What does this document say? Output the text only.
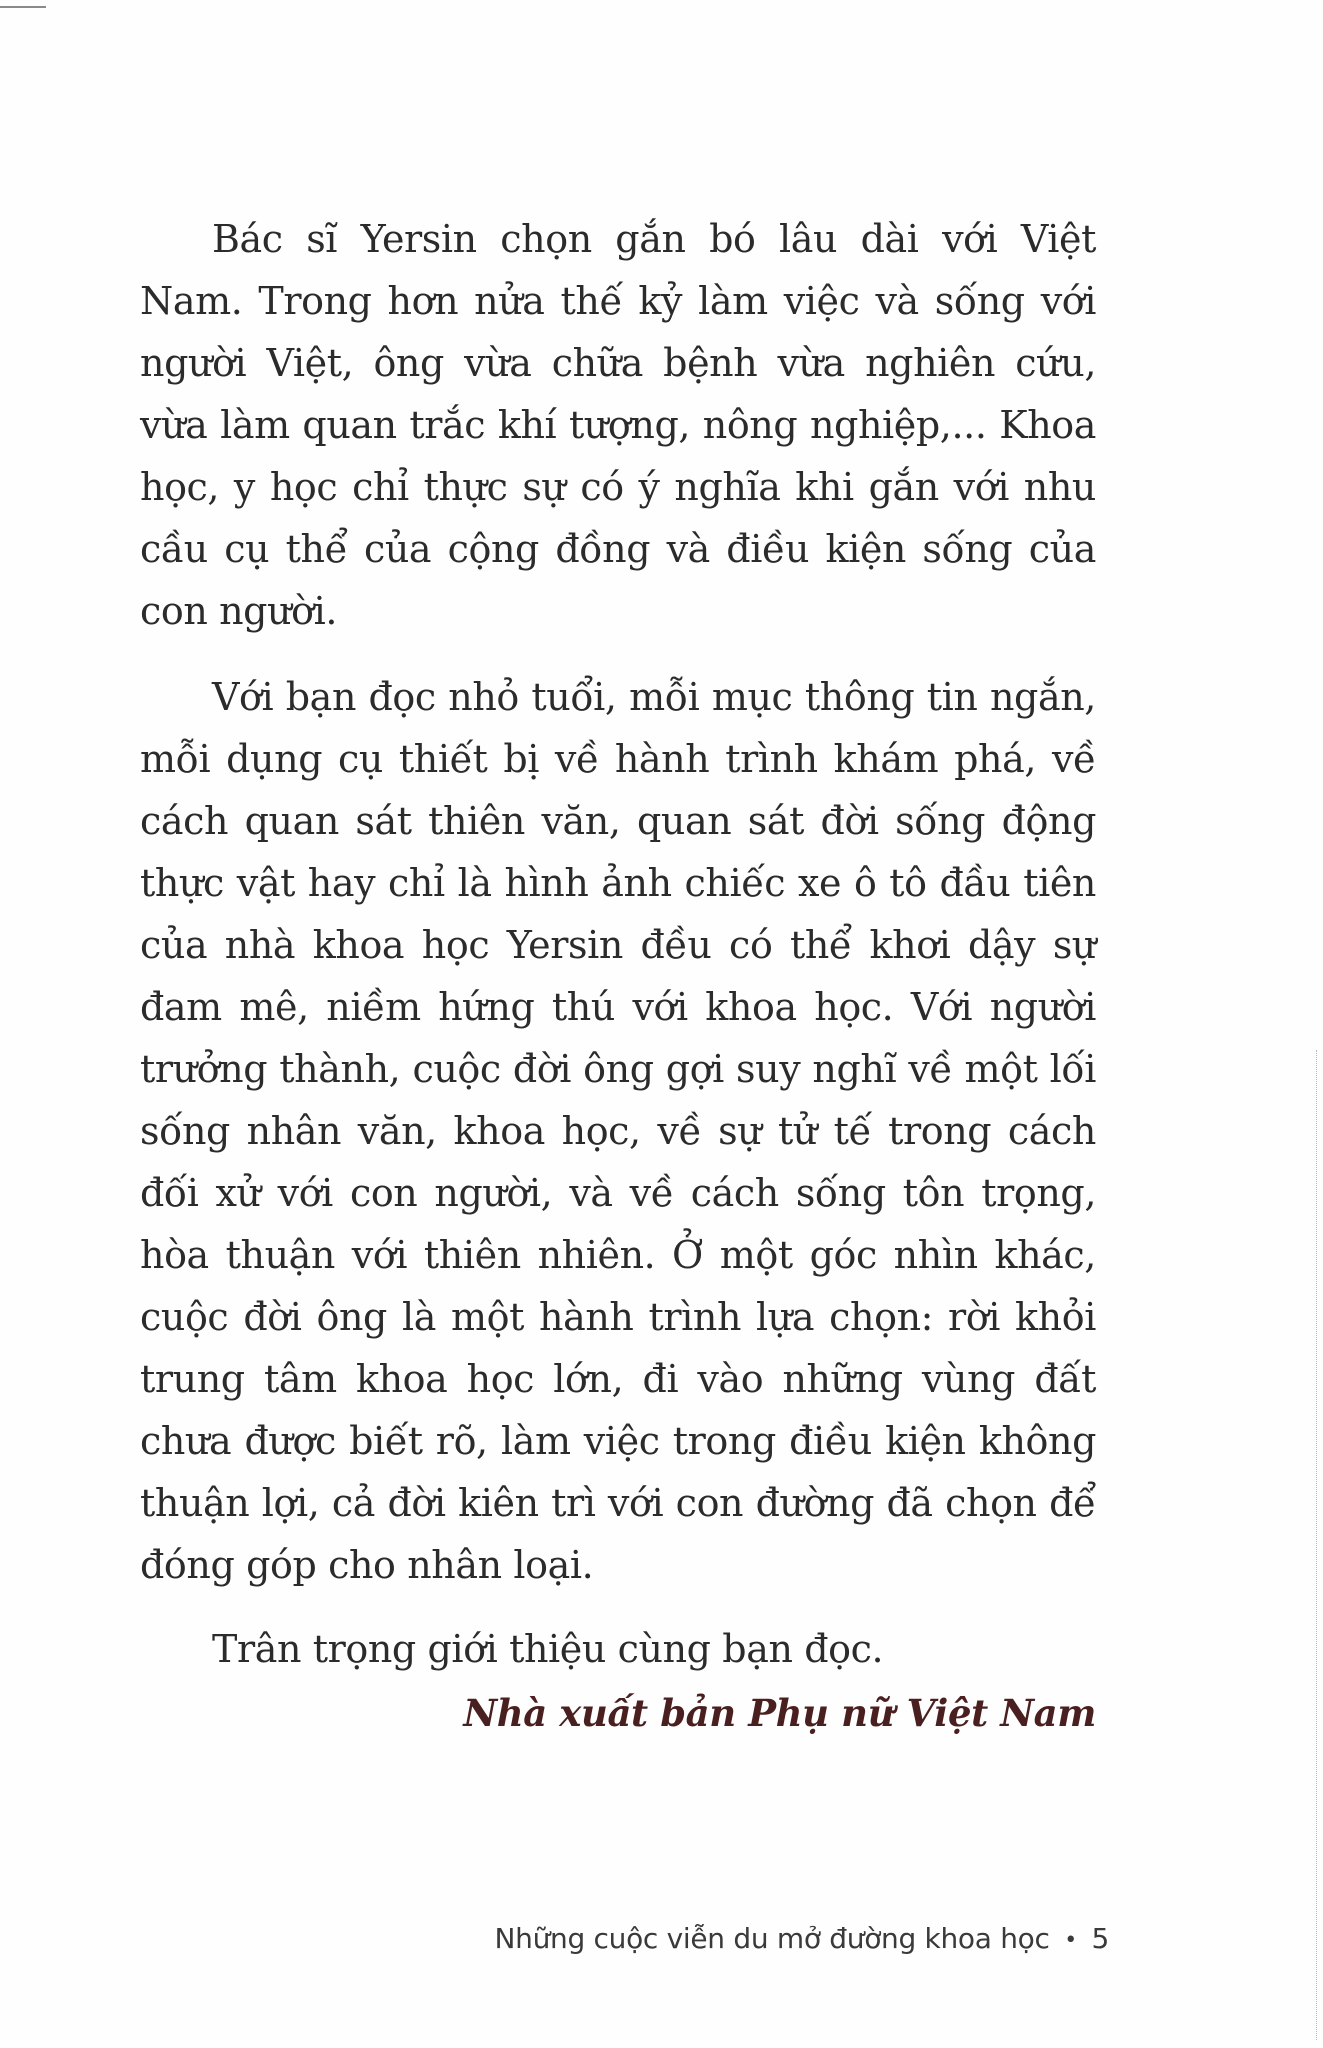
Bác sĩ Yersin chọn gắn bó lâu dài với Việt Nam. Trong hơn nửa thế kỷ làm việc và sống với người Việt, ông vừa chữa bệnh vừa nghiên cứu, vừa làm quan trắc khí tượng, nông nghiệp,... Khoa học, y học chỉ thực sự có ý nghĩa khi gắn với nhu cầu cụ thể của cộng đồng và điều kiện sống của con người.

Với bạn đọc nhỏ tuổi, mỗi mục thông tin ngắn, mỗi dụng cụ thiết bị về hành trình khám phá, về cách quan sát thiên văn, quan sát đời sống động thực vật hay chỉ là hình ảnh chiếc xe ô tô đầu tiên của nhà khoa học Yersin đều có thể khơi dậy sự đam mê, niềm hứng thú với khoa học. Với người trưởng thành, cuộc đời ông gợi suy nghĩ về một lối sống nhân văn, khoa học, về sự tử tế trong cách đối xử với con người, và về cách sống tôn trọng, hòa thuận với thiên nhiên. Ở một góc nhìn khác, cuộc đời ông là một hành trình lựa chọn: rời khỏi trung tâm khoa học lớn, đi vào những vùng đất chưa được biết rõ, làm việc trong điều kiện không thuận lợi, cả đời kiên trì với con đường đã chọn để đóng góp cho nhân loại.

Trân trọng giới thiệu cùng bạn đọc.

Nhà xuất bản Phụ nữ Việt Nam

Những cuộc viễn du mở đường khoa học • 5
